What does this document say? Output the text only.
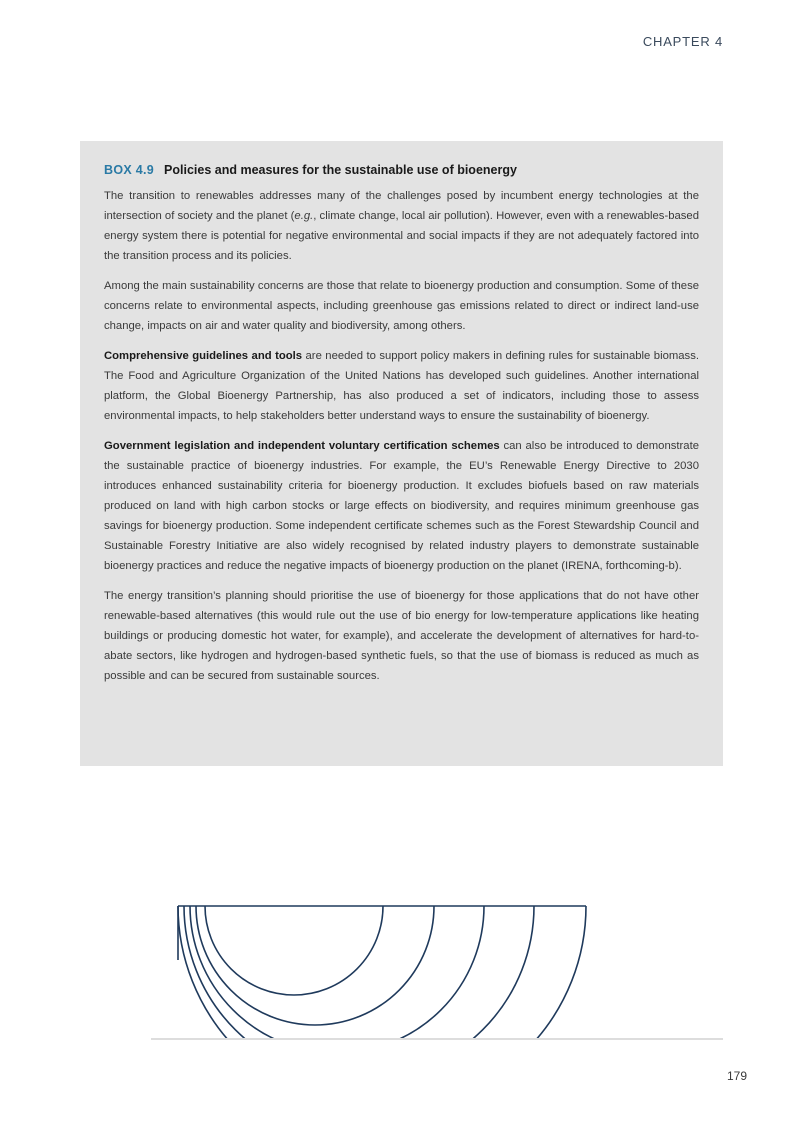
CHAPTER 4
BOX 4.9 Policies and measures for the sustainable use of bioenergy

The transition to renewables addresses many of the challenges posed by incumbent energy technologies at the intersection of society and the planet (e.g., climate change, local air pollution). However, even with a renewables-based energy system there is potential for negative environmental and social impacts if they are not adequately factored into the transition process and its policies.

Among the main sustainability concerns are those that relate to bioenergy production and consumption. Some of these concerns relate to environmental aspects, including greenhouse gas emissions related to direct or indirect land-use change, impacts on air and water quality and biodiversity, among others.

Comprehensive guidelines and tools are needed to support policy makers in defining rules for sustainable biomass. The Food and Agriculture Organization of the United Nations has developed such guidelines. Another international platform, the Global Bioenergy Partnership, has also produced a set of indicators, including those to assess environmental impacts, to help stakeholders better understand ways to ensure the sustainability of bioenergy.

Government legislation and independent voluntary certification schemes can also be introduced to demonstrate the sustainable practice of bioenergy industries. For example, the EU’s Renewable Energy Directive to 2030 introduces enhanced sustainability criteria for bioenergy production. It excludes biofuels based on raw materials produced on land with high carbon stocks or large effects on biodiversity, and requires minimum greenhouse gas savings for bioenergy production. Some independent certificate schemes such as the Forest Stewardship Council and Sustainable Forestry Initiative are also widely recognised by related industry players to demonstrate sustainable bioenergy practices and reduce the negative impacts of bioenergy production on the planet (IRENA, forthcoming-b).

The energy transition’s planning should prioritise the use of bioenergy for those applications that do not have other renewable-based alternatives (this would rule out the use of bio energy for low-temperature applications like heating buildings or producing domestic hot water, for example), and accelerate the development of alternatives for hard-to-abate sectors, like hydrogen and hydrogen-based synthetic fuels, so that the use of biomass is reduced as much as possible and can be secured from sustainable sources.

179
